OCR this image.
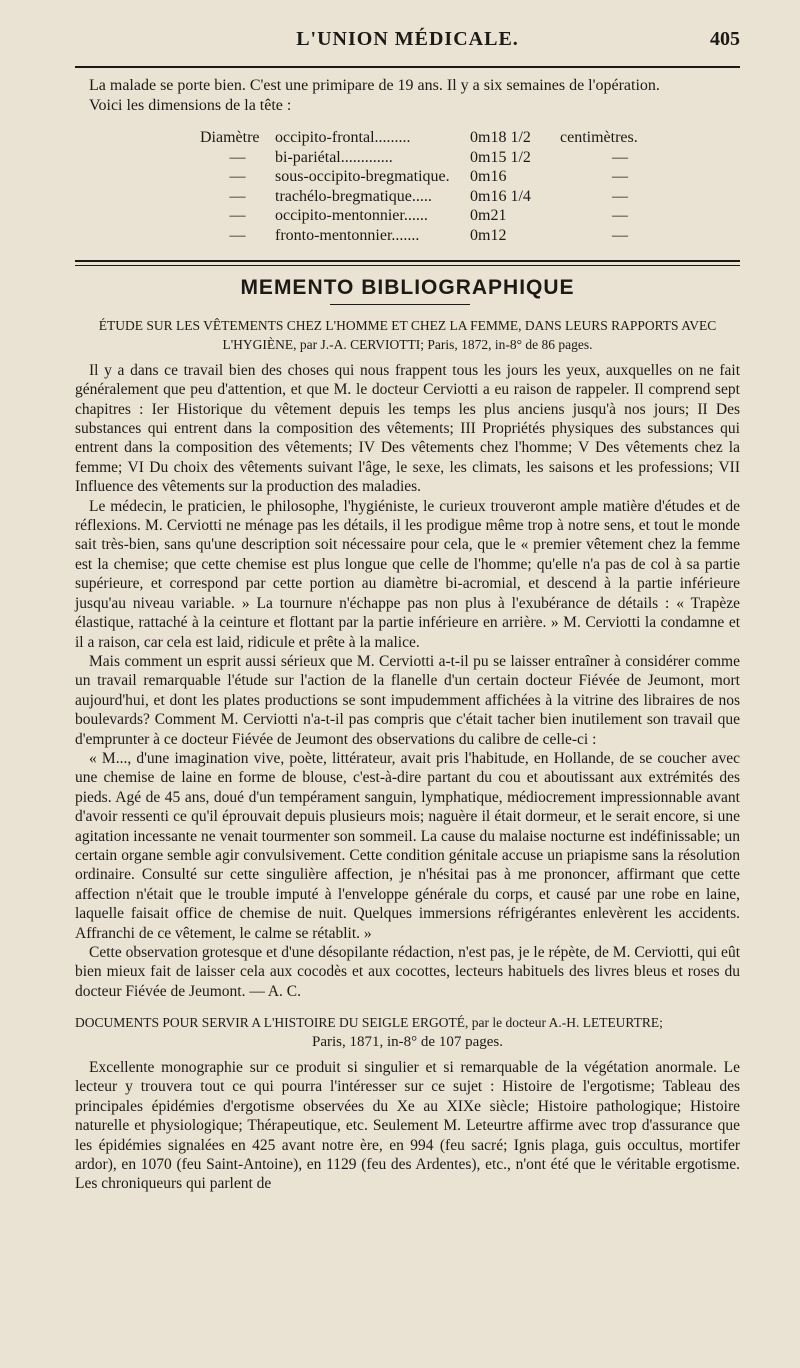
L'UNION MÉDICALE.	405

La malade se porte bien. C'est une primipare de 19 ans. Il y a six semaines de l'opération.

Voici les dimensions de la tête :

Diamètre occipito-frontal.........	0m18 1/2	centimètres.
—	bi-pariétal.............	0m15 1/2	—
—	sous-occipito-bregmatique.	0m16	—
—	trachélo-bregmatique.....	0m16 1/4	—
—	occipito-mentonnier......	0m21	—
—	fronto-mentonnier.......	0m12	—
MEMENTO BIBLIOGRAPHIQUE

ÉTUDE SUR LES VÊTEMENTS CHEZ L'HOMME ET CHEZ LA FEMME, DANS LEURS RAPPORTS AVEC
L'HYGIÈNE, par J.-A. CERVIOTTI; Paris, 1872, in-8° de 86 pages.

Il y a dans ce travail bien des choses qui nous frappent tous les jours les yeux, auxquelles on ne fait généralement que peu d'attention, et que M. le docteur Cerviotti a eu raison de rappeler. Il comprend sept chapitres : Ier Historique du vêtement depuis les temps les plus anciens jusqu'à nos jours; II Des substances qui entrent dans la composition des vêtements; III Propriétés physiques des substances qui entrent dans la composition des vêtements; IV Des vêtements chez l'homme; V Des vêtements chez la femme; VI Du choix des vêtements suivant l'âge, le sexe, les climats, les saisons et les professions; VII Influence des vêtements sur la production des maladies.

Le médecin, le praticien, le philosophe, l'hygiéniste, le curieux trouveront ample matière d'études et de réflexions. M. Cerviotti ne ménage pas les détails, il les prodigue même trop à notre sens, et tout le monde sait très-bien, sans qu'une description soit nécessaire pour cela, que le « premier vêtement chez la femme est la chemise; que cette chemise est plus longue que celle de l'homme; qu'elle n'a pas de col à sa partie supérieure, et correspond par cette portion au diamètre bi-acromial, et descend à la partie inférieure jusqu'au niveau variable. » La tournure n'échappe pas non plus à l'exubérance de détails : « Trapèze élastique, rattaché à la ceinture et flottant par la partie inférieure en arrière. » M. Cerviotti la condamne et il a raison, car cela est laid, ridicule et prête à la malice.

Mais comment un esprit aussi sérieux que M. Cerviotti a-t-il pu se laisser entraîner à considérer comme un travail remarquable l'étude sur l'action de la flanelle d'un certain docteur Fiévée de Jeumont, mort aujourd'hui, et dont les plates productions se sont impudemment affichées à la vitrine des libraires de nos boulevards? Comment M. Cerviotti n'a-t-il pas compris que c'était tacher bien inutilement son travail que d'emprunter à ce docteur Fiévée de Jeumont des observations du calibre de celle-ci :

« M..., d'une imagination vive, poète, littérateur, avait pris l'habitude, en Hollande, de se coucher avec une chemise de laine en forme de blouse, c'est-à-dire partant du cou et aboutissant aux extrémités des pieds. Agé de 45 ans, doué d'un tempérament sanguin, lymphatique, médiocrement impressionnable avant d'avoir ressenti ce qu'il éprouvait depuis plusieurs mois; naguère il était dormeur, et le serait encore, si une agitation incessante ne venait tourmenter son sommeil. La cause du malaise nocturne est indéfinissable; un certain organe semble agir convulsivement. Cette condition génitale accuse un priapisme sans la résolution ordinaire. Consulté sur cette singulière affection, je n'hésitai pas à me prononcer, affirmant que cette affection n'était que le trouble imputé à l'enveloppe générale du corps, et causé par une robe en laine, laquelle faisait office de chemise de nuit. Quelques immersions réfrigérantes enlevèrent les accidents. Affranchi de ce vêtement, le calme se rétablit. »

Cette observation grotesque et d'une désopilante rédaction, n'est pas, je le répète, de M. Cerviotti, qui eût bien mieux fait de laisser cela aux cocodès et aux cocottes, lecteurs habituels des livres bleus et roses du docteur Fiévée de Jeumont. — A. C.

DOCUMENTS POUR SERVIR A L'HISTOIRE DU SEIGLE ERGOTÉ, par le docteur A.-H. LETEURTRE;

Paris, 1871, in-8° de 107 pages.

Excellente monographie sur ce produit si singulier et si remarquable de la végétation anormale. Le lecteur y trouvera tout ce qui pourra l'intéresser sur ce sujet : Histoire de l'ergotisme; Tableau des principales épidémies d'ergotisme observées du Xe au XIXe siècle; Histoire pathologique; Histoire naturelle et physiologique; Thérapeutique, etc. Seulement M. Leteurtre affirme avec trop d'assurance que les épidémies signalées en 425 avant notre ère, en 994 (feu sacré; Ignis plaga, guis occultus, mortifer ardor), en 1070 (feu Saint-Antoine), en 1129 (feu des Ardentes), etc., n'ont été que le véritable ergotisme. Les chroniqueurs qui parlent de
